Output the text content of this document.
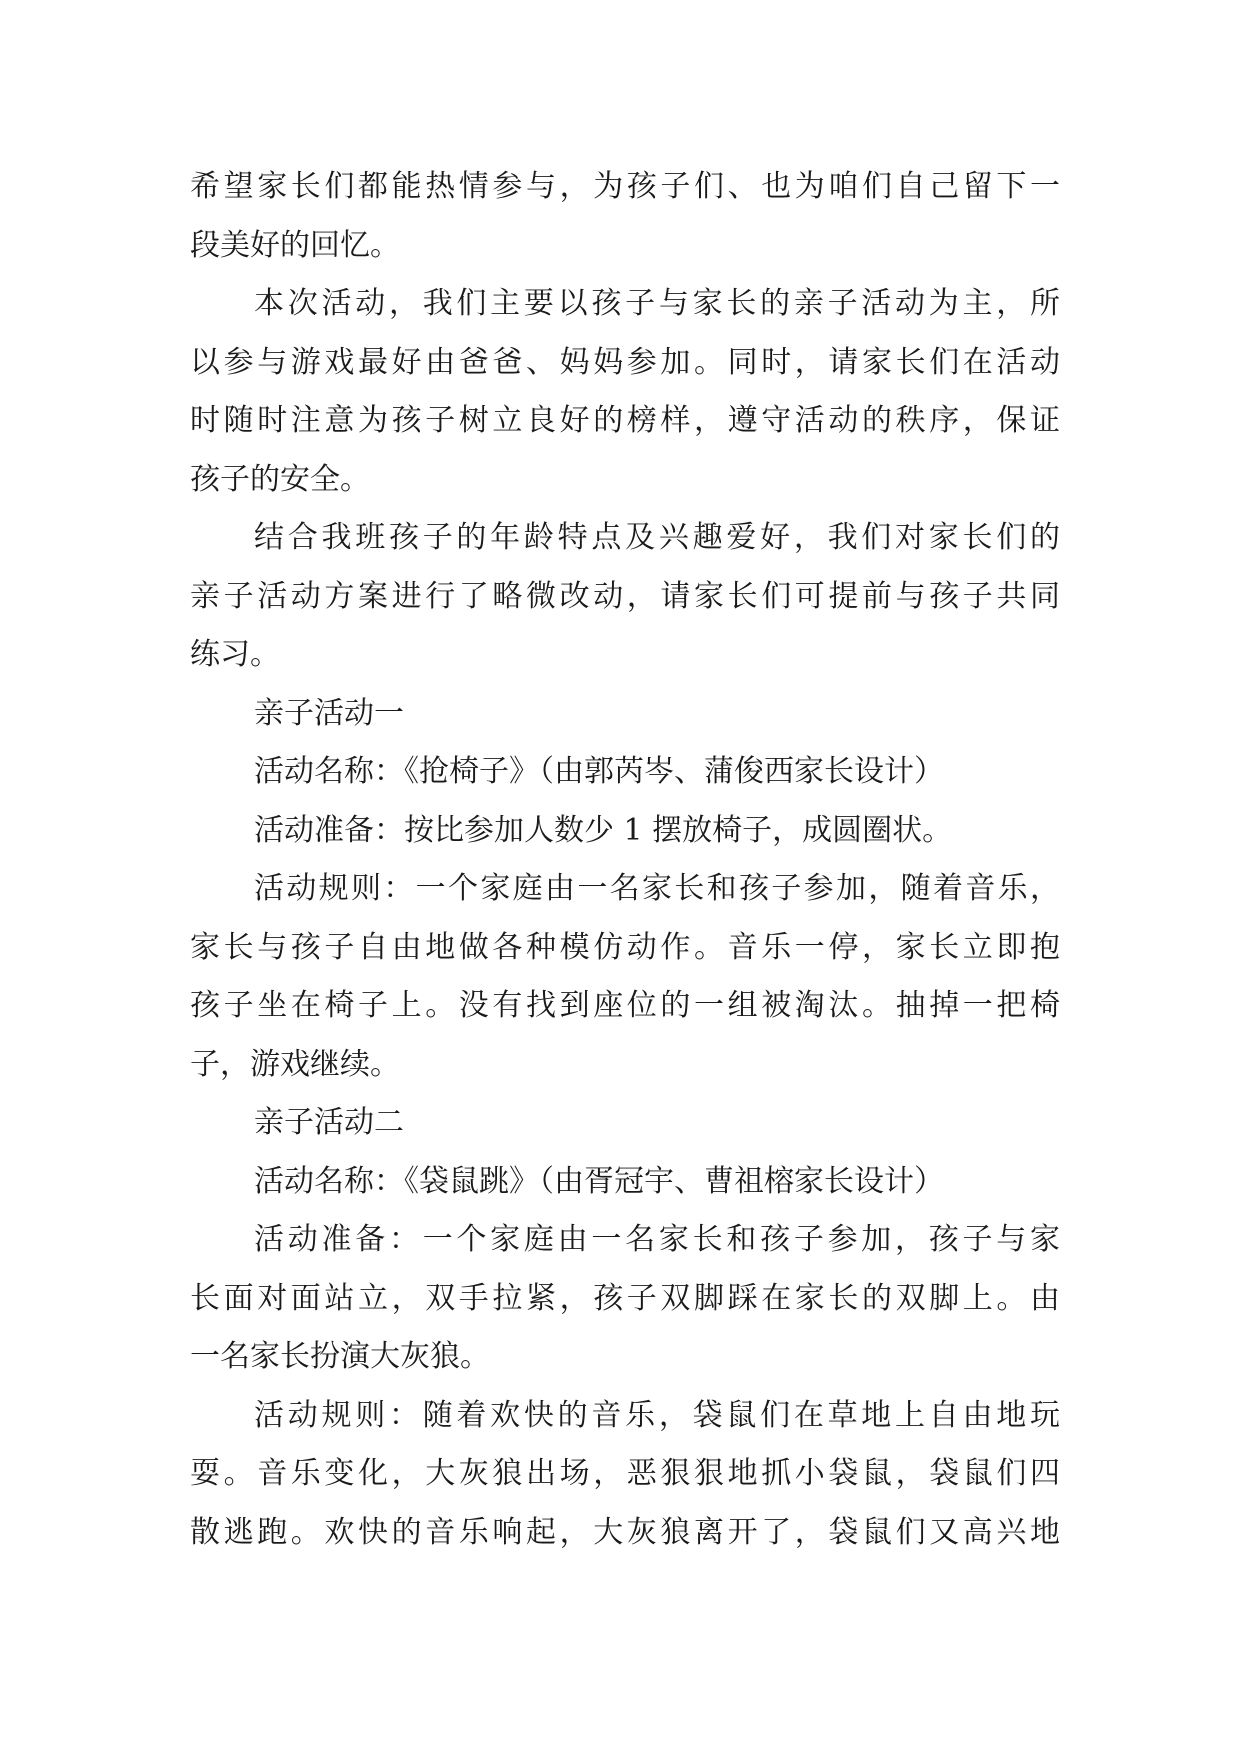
希望家长们都能热情参与，为孩子们、也为咱们自己留下一
段美好的回忆。
本次活动，我们主要以孩子与家长的亲子活动为主，所
以参与游戏最好由爸爸、妈妈参加。同时，请家长们在活动
时随时注意为孩子树立良好的榜样，遵守活动的秩序，保证
孩子的安全。
结合我班孩子的年龄特点及兴趣爱好，我们对家长们的
亲子活动方案进行了略微改动，请家长们可提前与孩子共同
练习。
亲子活动一
活动名称：《抢椅子》（由郭芮岑、蒲俊西家长设计）
活动准备：按比参加人数少 1 摆放椅子，成圆圈状。
活动规则：一个家庭由一名家长和孩子参加，随着音乐，
家长与孩子自由地做各种模仿动作。音乐一停，家长立即抱
孩子坐在椅子上。没有找到座位的一组被淘汰。抽掉一把椅
子，游戏继续。
亲子活动二
活动名称：《袋鼠跳》（由胥冠宇、曹祖榕家长设计）
活动准备：一个家庭由一名家长和孩子参加，孩子与家
长面对面站立，双手拉紧，孩子双脚踩在家长的双脚上。由
一名家长扮演大灰狼。
活动规则：随着欢快的音乐，袋鼠们在草地上自由地玩
耍。音乐变化，大灰狼出场，恶狠狠地抓小袋鼠，袋鼠们四
散逃跑。欢快的音乐响起，大灰狼离开了，袋鼠们又高兴地
